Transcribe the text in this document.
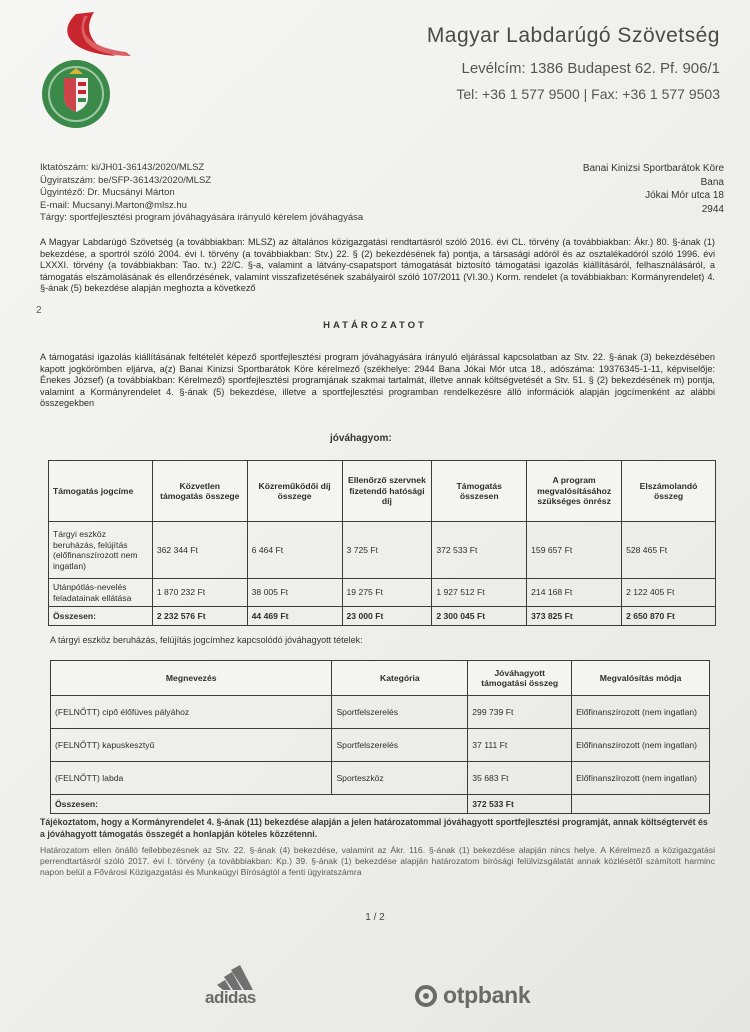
Magyar Labdarúgó Szövetség
Levélcím: 1386 Budapest 62. Pf. 906/1
Tel: +36 1 577 9500 | Fax: +36 1 577 9503
Iktatószám: ki/JH01-36143/2020/MLSZ
Ügyiratszám: be/SFP-36143/2020/MLSZ
Ügyintéző: Dr. Mucsányi Márton
E-mail: Mucsanyi.Marton@mlsz.hu
Tárgy: sportfejlesztési program jóváhagyására irányuló kérelem jóváhagyása
Banai Kinizsi Sportbarátok Köre
Bana
Jókai Mór utca 18
2944
A Magyar Labdarúgó Szövetség (a továbbiakban: MLSZ) az általános közigazgatási rendtartásról szóló 2016. évi CL. törvény (a továbbiakban: Ákr.) 80. §-ának (1) bekezdése, a sportról szóló 2004. évi I. törvény (a továbbiakban: Stv.) 22. § (2) bekezdésének fa) pontja, a társasági adóról és az osztalékadóról szóló 1996. évi LXXXI. törvény (a továbbiakban: Tao. tv.) 22/C. §-a, valamint a látvány-csapatsport támogatását biztosító támogatási igazolás kiállításáról, felhasználásáról, a támogatás elszámolásának és ellenőrzésének, valamint visszafizetésének szabályairól szóló 107/2011 (VI.30.) Korm. rendelet (a továbbiakban: Kormányrendelet) 4. §-ának (5) bekezdése alapján meghozta a következő
2
HATÁROZATOT
A támogatási igazolás kiállításának feltételét képező sportfejlesztési program jóváhagyására irányuló eljárással kapcsolatban az Stv. 22. §-ának (3) bekezdésében kapott jogkörömben eljárva, a(z) Banai Kinizsi Sportbarátok Köre kérelmező (székhelye: 2944 Bana Jókai Mór utca 18., adószáma: 19376345-1-11, képviselője: Énekes József) (a továbbiakban: Kérelmező) sportfejlesztési programjának szakmai tartalmát, illetve annak költségvetését a Stv. 51. § (2) bekezdésének m) pontja, valamint a Kormányrendelet 4. §-ának (5) bekezdése, illetve a sportfejlesztési programban rendelkezésre álló információk alapján jogcímenként az alábbi összegekben
jóváhagyom:
Támogatás jogcíme	Közvetlen támogatás összege	Közreműködői díj összege	Ellenőrző szervnek fizetendő hatósági díj	Támogatás összesen	A program megvalósításához szükséges önrész	Elszámolandó összeg
Tárgyi eszköz beruházás, felújítás (előfinanszírozott nem ingatlan)	362 344 Ft	6 464 Ft	3 725 Ft	372 533 Ft	159 657 Ft	528 465 Ft
Utánpótlás-nevelés feladatainak ellátása	1 870 232 Ft	38 005 Ft	19 275 Ft	1 927 512 Ft	214 168 Ft	2 122 405 Ft
Összesen:	2 232 576 Ft	44 469 Ft	23 000 Ft	2 300 045 Ft	373 825 Ft	2 650 870 Ft
A tárgyi eszköz beruházás, felújítás jogcímhez kapcsolódó jóváhagyott tételek:
Megnevezés	Kategória	Jóváhagyott támogatási összeg	Megvalósítás módja
(FELNŐTT) cipő élőfüves pályához	Sportfelszerelés	299 739 Ft	Előfinanszírozott (nem ingatlan)
(FELNŐTT) kapuskesztyű	Sportfelszerelés	37 111 Ft	Előfinanszírozott (nem ingatlan)
(FELNŐTT) labda	Sporteszköz	35 683 Ft	Előfinanszírozott (nem ingatlan)
Összesen:		372 533 Ft	
Tájékoztatom, hogy a Kormányrendelet 4. §-ának (11) bekezdése alapján a jelen határozatommal jóváhagyott sportfejlesztési programját, annak költségtervét és a jóváhagyott támogatás összegét a honlapján köteles közzétenni.
Határozatom ellen önálló fellebbezésnek az Stv. 22. §-ának (4) bekezdése, valamint az Ákr. 116. §-ának (1) bekezdése alapján nincs helye. A Kérelmező a közigazgatási perrendtartásról szóló 2017. évi I. törvény (a továbbiakban: Kp.) 39. §-ának (1) bekezdése alapján határozatom bírósági felülvizsgálatát annak közlésétől számított harminc napon belül a Fővárosi Közigazgatási és Munkaügyi Bíróságtól a fenti ügyiratszámra
1 / 2
adidas	otpbank
